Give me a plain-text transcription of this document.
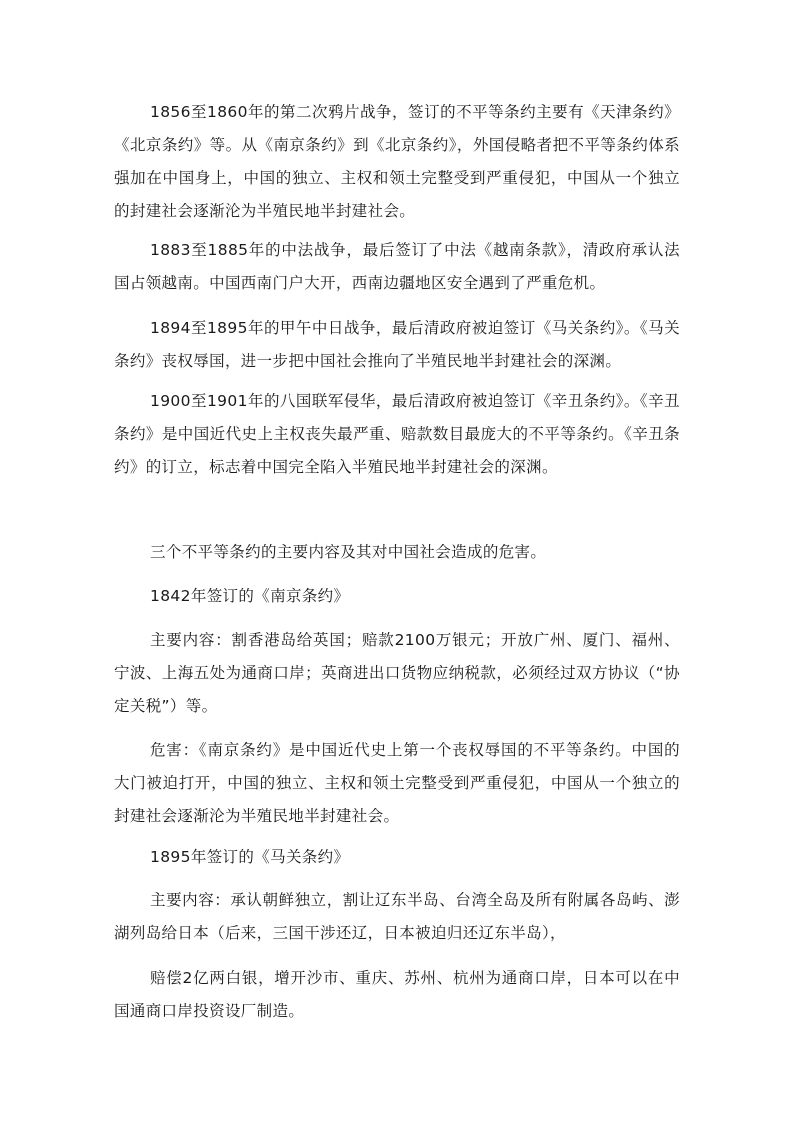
1856至1860年的第二次鸦片战争，签订的不平等条约主要有《天津条约》《北京条约》等。从《南京条约》到《北京条约》，外国侵略者把不平等条约体系强加在中国身上，中国的独立、主权和领土完整受到严重侵犯，中国从一个独立的封建社会逐渐沦为半殖民地半封建社会。

1883至1885年的中法战争，最后签订了中法《越南条款》，清政府承认法国占领越南。中国西南门户大开，西南边疆地区安全遇到了严重危机。

1894至1895年的甲午中日战争，最后清政府被迫签订《马关条约》。《马关条约》丧权辱国，进一步把中国社会推向了半殖民地半封建社会的深渊。

1900至1901年的八国联军侵华，最后清政府被迫签订《辛丑条约》。《辛丑条约》是中国近代史上主权丧失最严重、赔款数目最庞大的不平等条约。《辛丑条约》的订立，标志着中国完全陷入半殖民地半封建社会的深渊。

三个不平等条约的主要内容及其对中国社会造成的危害。

1842年签订的《南京条约》

主要内容：割香港岛给英国；赔款2100万银元；开放广州、厦门、福州、宁波、上海五处为通商口岸；英商进出口货物应纳税款，必须经过双方协议（“协定关税”）等。

危害：《南京条约》是中国近代史上第一个丧权辱国的不平等条约。中国的大门被迫打开，中国的独立、主权和领土完整受到严重侵犯，中国从一个独立的封建社会逐渐沦为半殖民地半封建社会。

1895年签订的《马关条约》

主要内容：承认朝鲜独立，割让辽东半岛、台湾全岛及所有附属各岛屿、澎湖列岛给日本（后来，三国干涉还辽，日本被迫归还辽东半岛），

赔偿2亿两白银，增开沙市、重庆、苏州、杭州为通商口岸，日本可以在中国通商口岸投资设厂制造。
